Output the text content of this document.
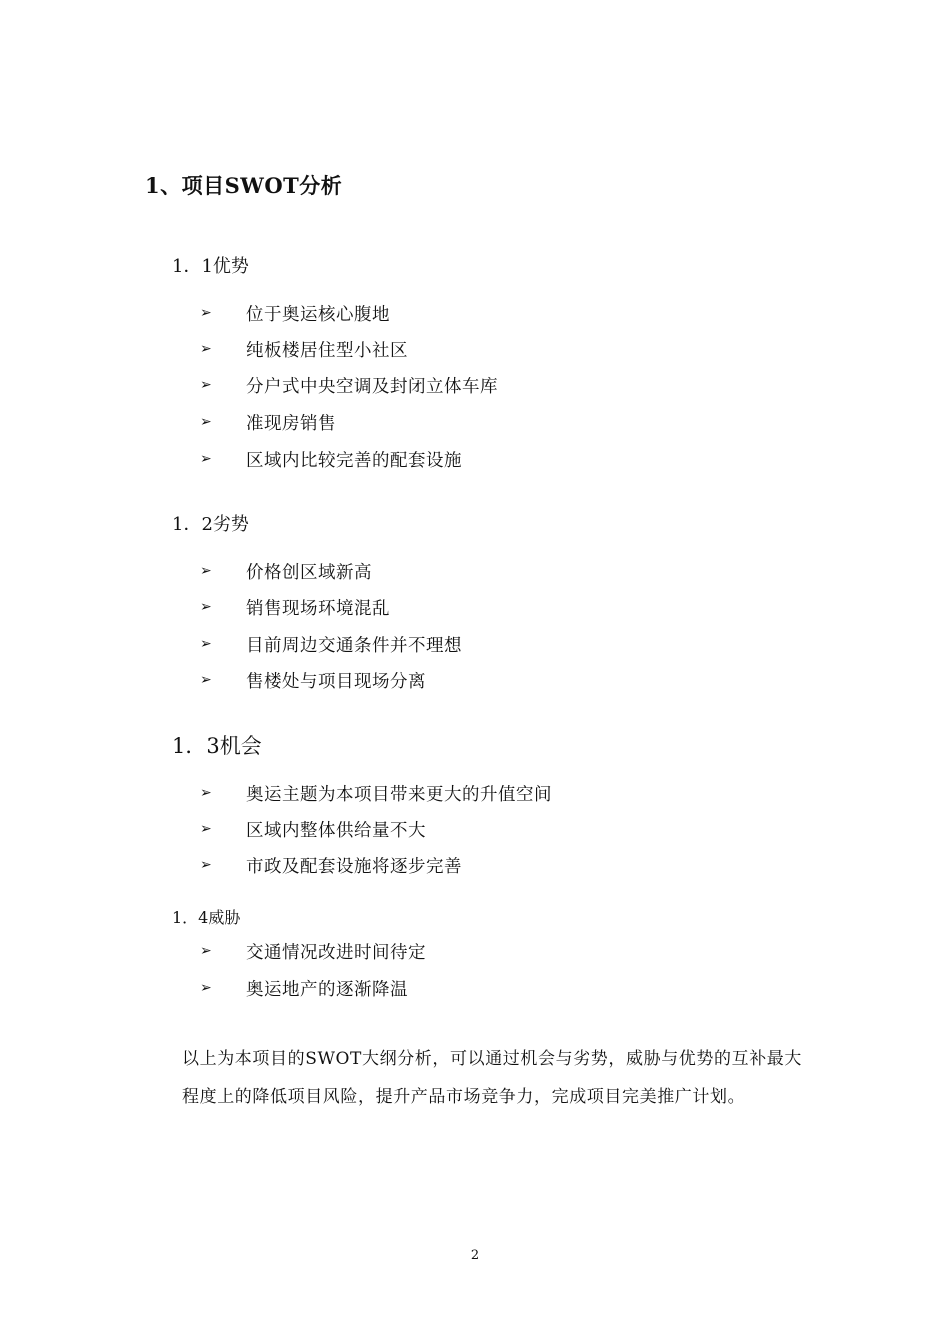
1、项目SWOT分析
1．1优势
➢	位于奥运核心腹地
➢	纯板楼居住型小社区
➢	分户式中央空调及封闭立体车库
➢	准现房销售
➢	区域内比较完善的配套设施
1．2劣势
➢	价格创区域新高
➢	销售现场环境混乱
➢	目前周边交通条件并不理想
➢	售楼处与项目现场分离
1．3机会
➢	奥运主题为本项目带来更大的升值空间
➢	区域内整体供给量不大
➢	市政及配套设施将逐步完善
1．4威胁
➢	交通情况改进时间待定
➢	奥运地产的逐渐降温

以上为本项目的SWOT大纲分析，可以通过机会与劣势，威胁与优势的互补最大程度上的降低项目风险，提升产品市场竞争力，完成项目完美推广计划。

2
